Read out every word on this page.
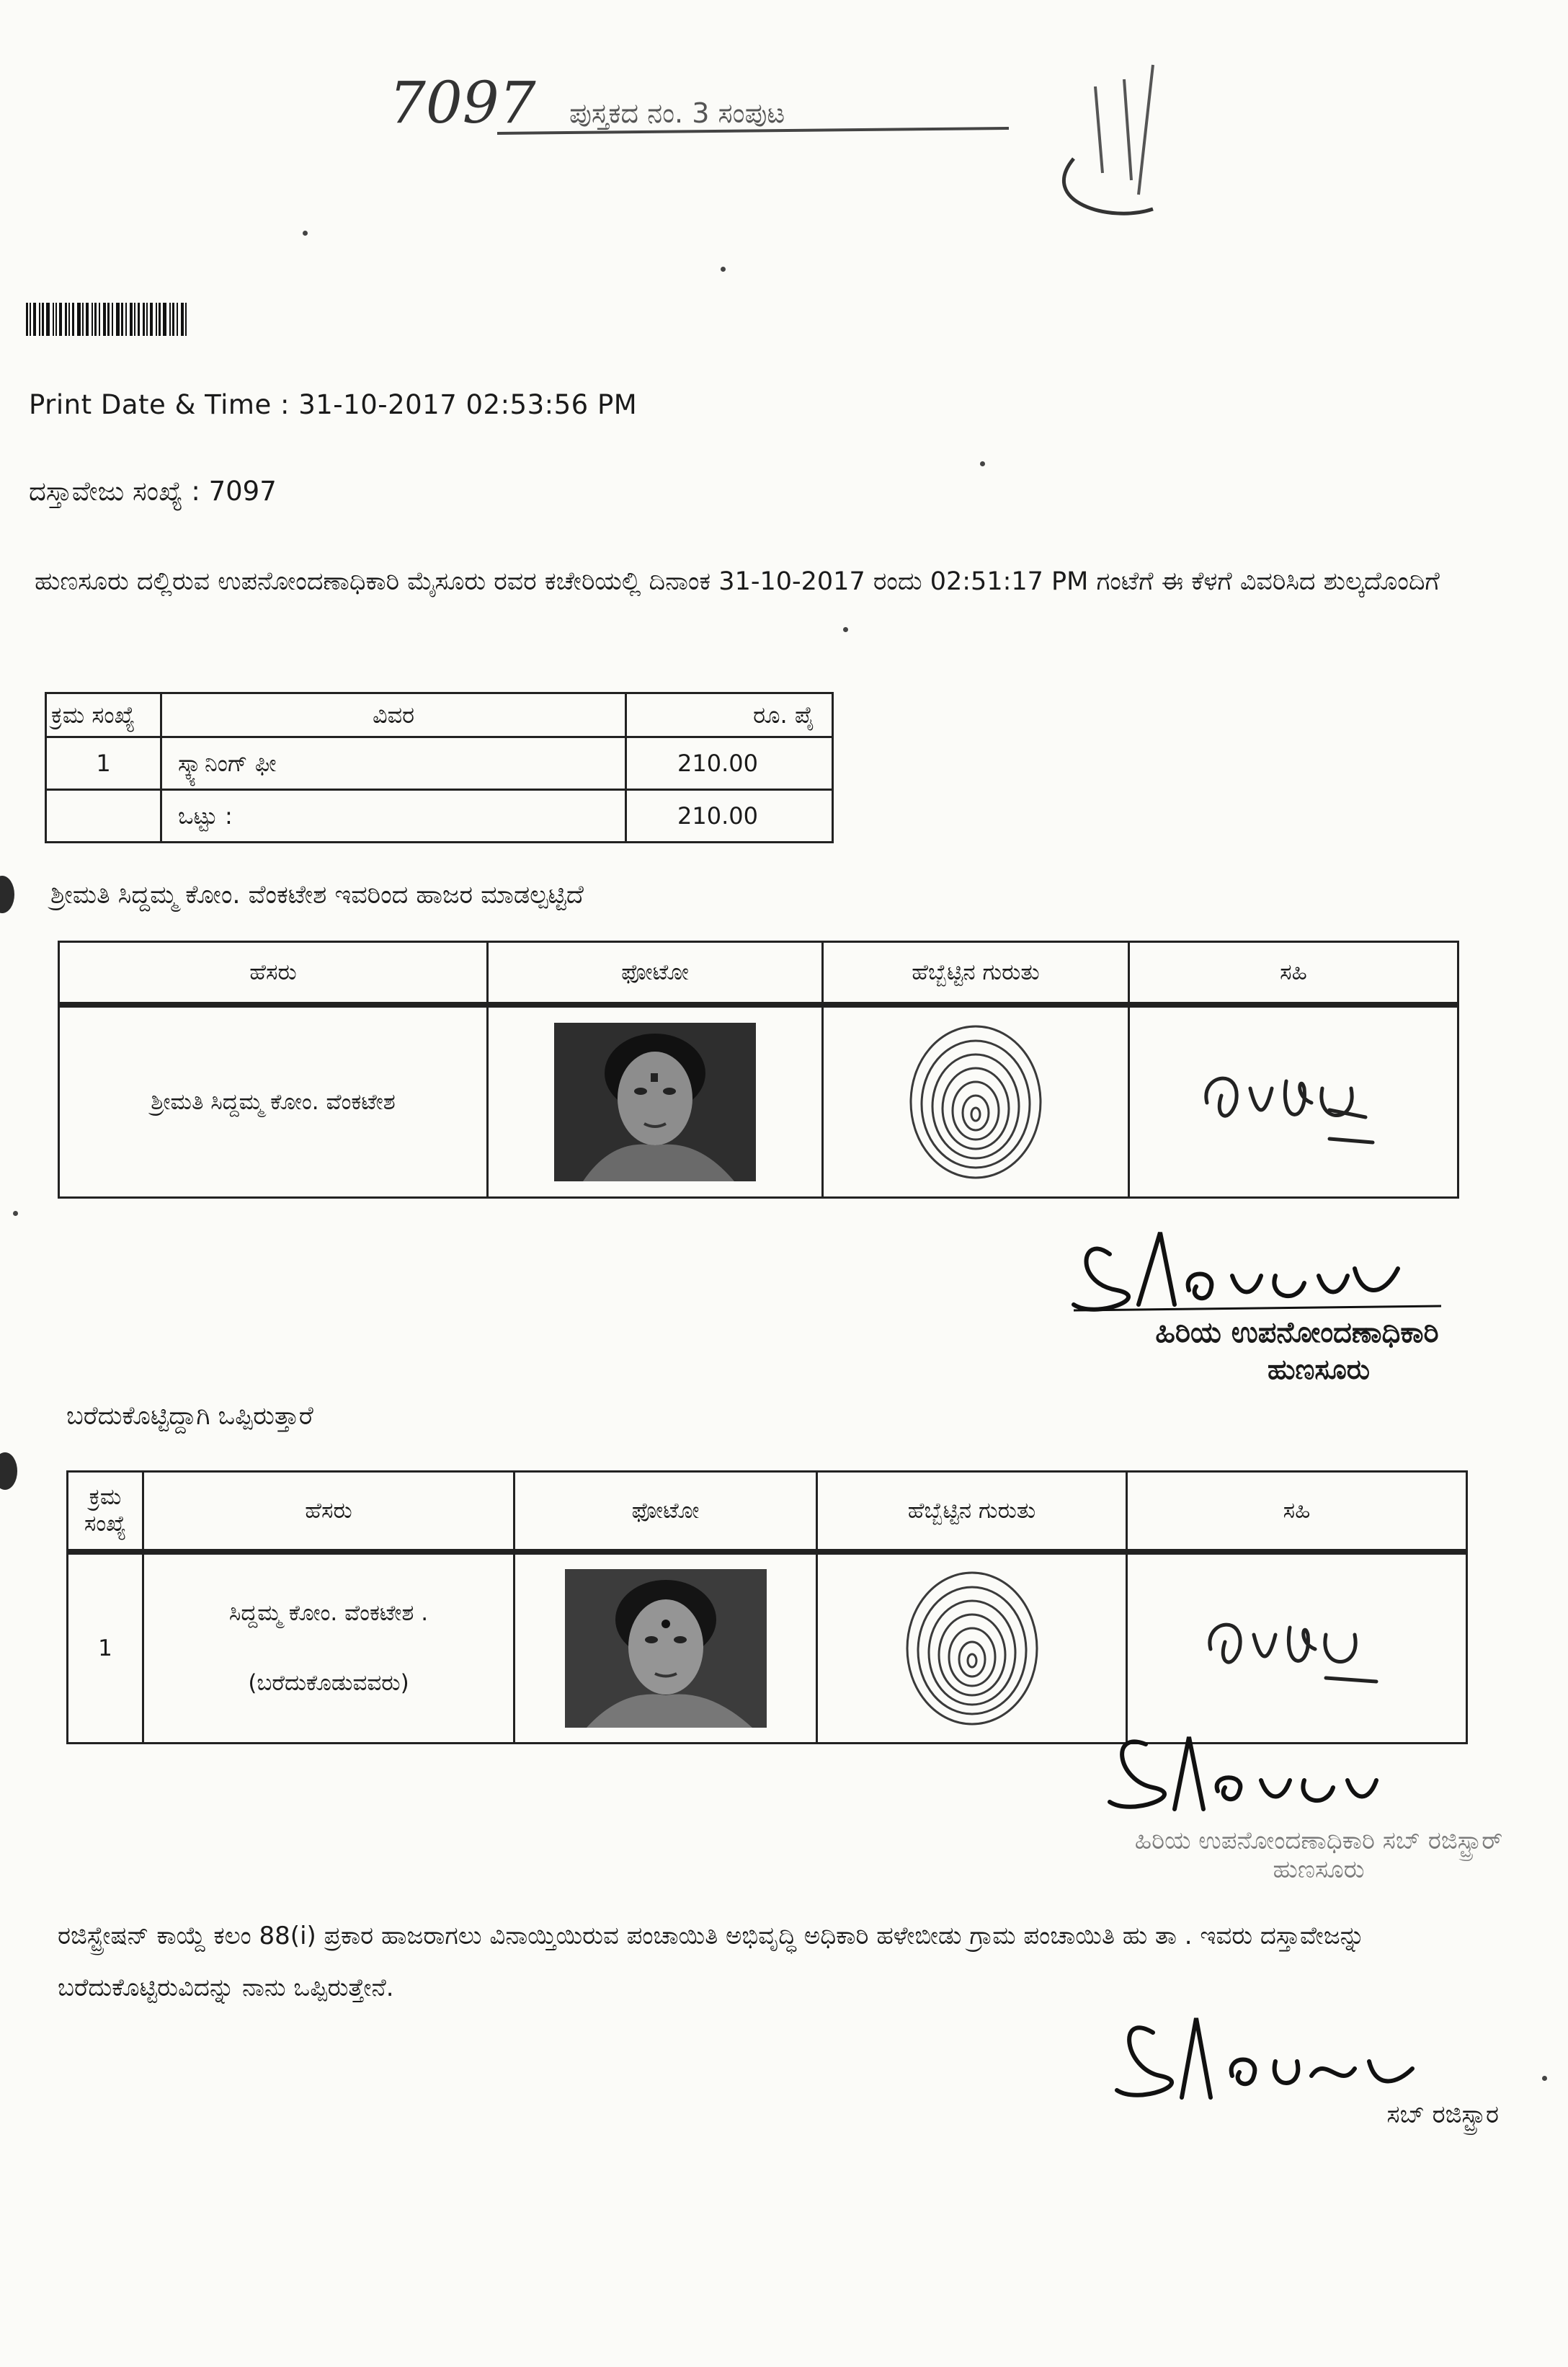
7097 ಪುಸ್ತಕದ ನಂ. 3 ಸಂಪುಟ
Print Date & Time : 31-10-2017 02:53:56 PM
ದಸ್ತಾವೇಜು ಸಂಖ್ಯೆ : 7097
ಹುಣಸೂರು ದಲ್ಲಿರುವ ಉಪನೋಂದಣಾಧಿಕಾರಿ ಮೈಸೂರು ರವರ ಕಚೇರಿಯಲ್ಲಿ ದಿನಾಂಕ 31-10-2017 ರಂದು 02:51:17 PM ಗಂಟೆಗೆ ಈ ಕೆಳಗೆ ವಿವರಿಸಿದ ಶುಲ್ಕದೊಂದಿಗೆ
ಕ್ರಮ ಸಂಖ್ಯೆ	ವಿವರ	ರೂ. ಪೈ
1	ಸ್ಕ್ಯಾನಿಂಗ್ ಫೀ	210.00
	ಒಟ್ಟು :	210.00
ಶ್ರೀಮತಿ ಸಿದ್ದಮ್ಮ ಕೋಂ. ವೆಂಕಟೇಶ ಇವರಿಂದ ಹಾಜರ ಮಾಡಲ್ಪಟ್ಟಿದೆ
ಹೆಸರು	ಫೋಟೋ	ಹೆಬ್ಬೆಟ್ಟಿನ ಗುರುತು	ಸಹಿ
ಶ್ರೀಮತಿ ಸಿದ್ದಮ್ಮ ಕೋಂ. ವೆಂಕಟೇಶ	

ಹಿರಿಯ ಉಪನೋಂದಣಾಧಿಕಾರಿ
ಹುಣಸೂರು
ಬರೆದುಕೊಟ್ಟಿದ್ದಾಗಿ ಒಪ್ಪಿರುತ್ತಾರೆ
ಕ್ರಮ ಸಂಖ್ಯೆ	ಹೆಸರು	ಫೋಟೋ	ಹೆಬ್ಬೆಟ್ಟಿನ ಗುರುತು	ಸಹಿ
1	ಸಿದ್ದಮ್ಮ ಕೋಂ. ವೆಂಕಟೇಶ .
(ಬರೆದುಕೊಡುವವರು)

ಹಿರಿಯ ಉಪನೋಂದಣಾಧಿಕಾರಿ ಸಬ್ ರಜಿಸ್ಟ್ರಾರ್
ಹುಣಸೂರು
ರಜಿಸ್ಟ್ರೇಷನ್ ಕಾಯ್ದೆ ಕಲಂ 88(i) ಪ್ರಕಾರ ಹಾಜರಾಗಲು ವಿನಾಯ್ತಿಯಿರುವ ಪಂಚಾಯಿತಿ ಅಭಿವೃದ್ಧಿ ಅಧಿಕಾರಿ ಹಳೇಬೀಡು ಗ್ರಾಮ ಪಂಚಾಯಿತಿ ಹು ತಾ . ಇವರು ದಸ್ತಾವೇಜನ್ನು ಬರೆದುಕೊಟ್ಟಿರುವಿದನ್ನು ನಾನು ಒಪ್ಪಿರುತ್ತೇನೆ.
ಸಬ್ ರಜಿಸ್ಟ್ರಾರ
